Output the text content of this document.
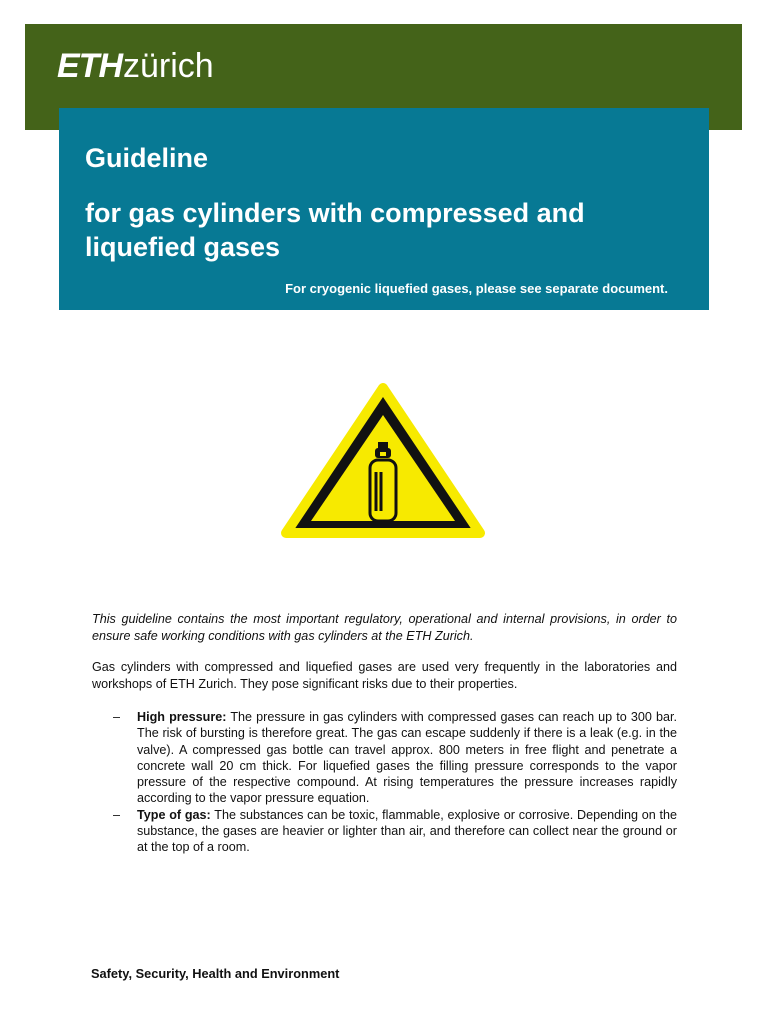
ETHzürich
Guideline
for gas cylinders with compressed and liquefied gases
For cryogenic liquefied gases, please see separate document.
This guideline contains the most important regulatory, operational and internal provisions, in order to ensure safe working conditions with gas cylinders at the ETH Zurich.
Gas cylinders with compressed and liquefied gases are used very frequently in the laboratories and workshops of ETH Zurich. They pose significant risks due to their properties.
– High pressure: The pressure in gas cylinders with compressed gases can reach up to 300 bar. The risk of bursting is therefore great. The gas can escape suddenly if there is a leak (e.g. in the valve). A compressed gas bottle can travel approx. 800 meters in free flight and penetrate a concrete wall 20 cm thick. For liquefied gases the filling pressure corresponds to the vapor pressure of the respective compound. At rising temperatures the pressure increases rapidly according to the vapor pressure equation.
– Type of gas: The substances can be toxic, flammable, explosive or corrosive. Depending on the substance, the gases are heavier or lighter than air, and therefore can collect near the ground or at the top of a room.
Safety, Security, Health and Environment
